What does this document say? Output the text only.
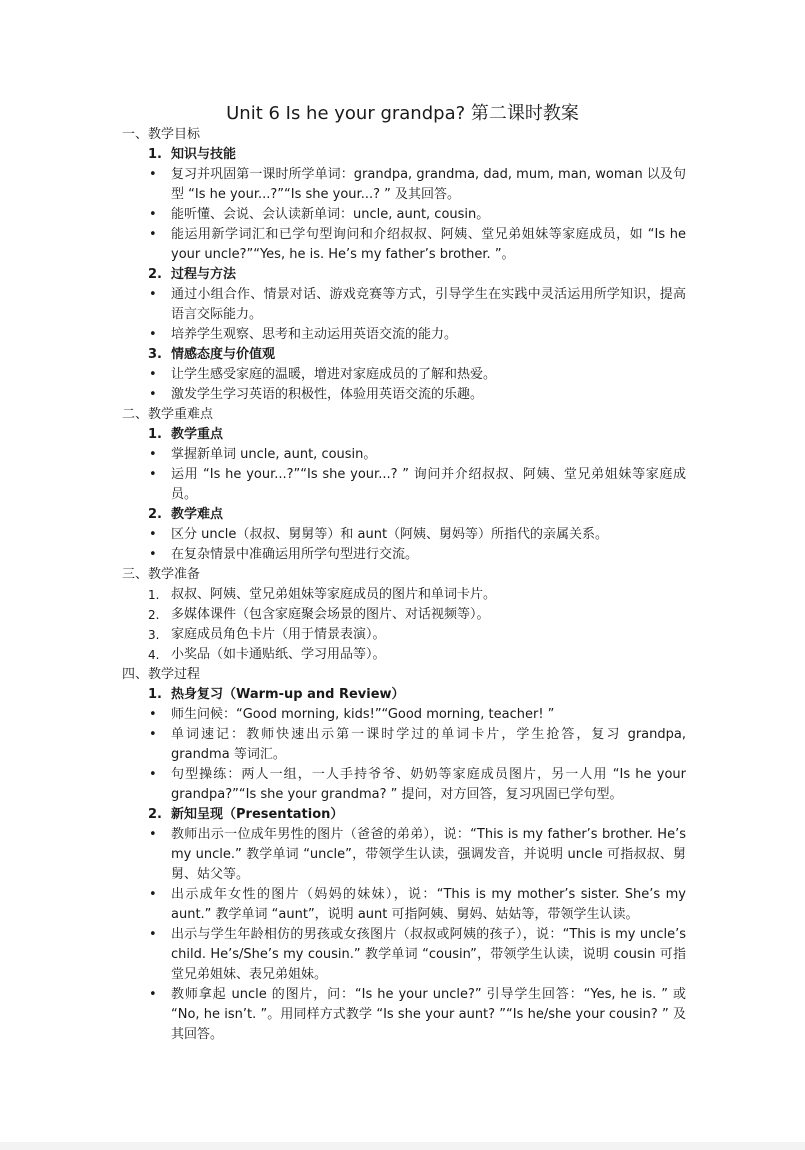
Unit 6 Is he your grandpa? 第二课时教案
一、教学目标
1. 知识与技能
• 复习并巩固第一课时所学单词：grandpa, grandma, dad, mum, man, woman 以及句型 “Is he your...?”“Is she your...? ” 及其回答。
• 能听懂、会说、会认读新单词：uncle, aunt, cousin。
• 能运用新学词汇和已学句型询问和介绍叔叔、阿姨、堂兄弟姐妹等家庭成员，如 “Is he your uncle?”“Yes, he is. He’s my father’s brother. ”。
2. 过程与方法
• 通过小组合作、情景对话、游戏竞赛等方式，引导学生在实践中灵活运用所学知识，提高语言交际能力。
• 培养学生观察、思考和主动运用英语交流的能力。
3. 情感态度与价值观
• 让学生感受家庭的温暖，增进对家庭成员的了解和热爱。
• 激发学生学习英语的积极性，体验用英语交流的乐趣。
二、教学重难点
1. 教学重点
• 掌握新单词 uncle, aunt, cousin。
• 运用 “Is he your...?”“Is she your...? ” 询问并介绍叔叔、阿姨、堂兄弟姐妹等家庭成员。
2. 教学难点
• 区分 uncle（叔叔、舅舅等）和 aunt（阿姨、舅妈等）所指代的亲属关系。
• 在复杂情景中准确运用所学句型进行交流。
三、教学准备
1. 叔叔、阿姨、堂兄弟姐妹等家庭成员的图片和单词卡片。
2. 多媒体课件（包含家庭聚会场景的图片、对话视频等）。
3. 家庭成员角色卡片（用于情景表演）。
4. 小奖品（如卡通贴纸、学习用品等）。
四、教学过程
1. 热身复习（Warm-up and Review）
• 师生问候：“Good morning, kids!”“Good morning, teacher! ”
• 单词速记：教师快速出示第一课时学过的单词卡片，学生抢答，复习 grandpa, grandma 等词汇。
• 句型操练：两人一组，一人手持爷爷、奶奶等家庭成员图片，另一人用 “Is he your grandpa?”“Is she your grandma? ” 提问，对方回答，复习巩固已学句型。
2. 新知呈现（Presentation）
• 教师出示一位成年男性的图片（爸爸的弟弟），说：“This is my father’s brother. He’s my uncle.” 教学单词 “uncle”，带领学生认读，强调发音，并说明 uncle 可指叔叔、舅舅、姑父等。
• 出示成年女性的图片（妈妈的妹妹），说：“This is my mother’s sister. She’s my aunt.” 教学单词 “aunt”，说明 aunt 可指阿姨、舅妈、姑姑等，带领学生认读。
• 出示与学生年龄相仿的男孩或女孩图片（叔叔或阿姨的孩子），说：“This is my uncle’s child. He’s/She’s my cousin.” 教学单词 “cousin”，带领学生认读，说明 cousin 可指堂兄弟姐妹、表兄弟姐妹。
• 教师拿起 uncle 的图片，问：“Is he your uncle?” 引导学生回答：“Yes, he is. ” 或 “No, he isn’t. ”。用同样方式教学 “Is she your aunt? ”“Is he/she your cousin? ” 及其回答。
